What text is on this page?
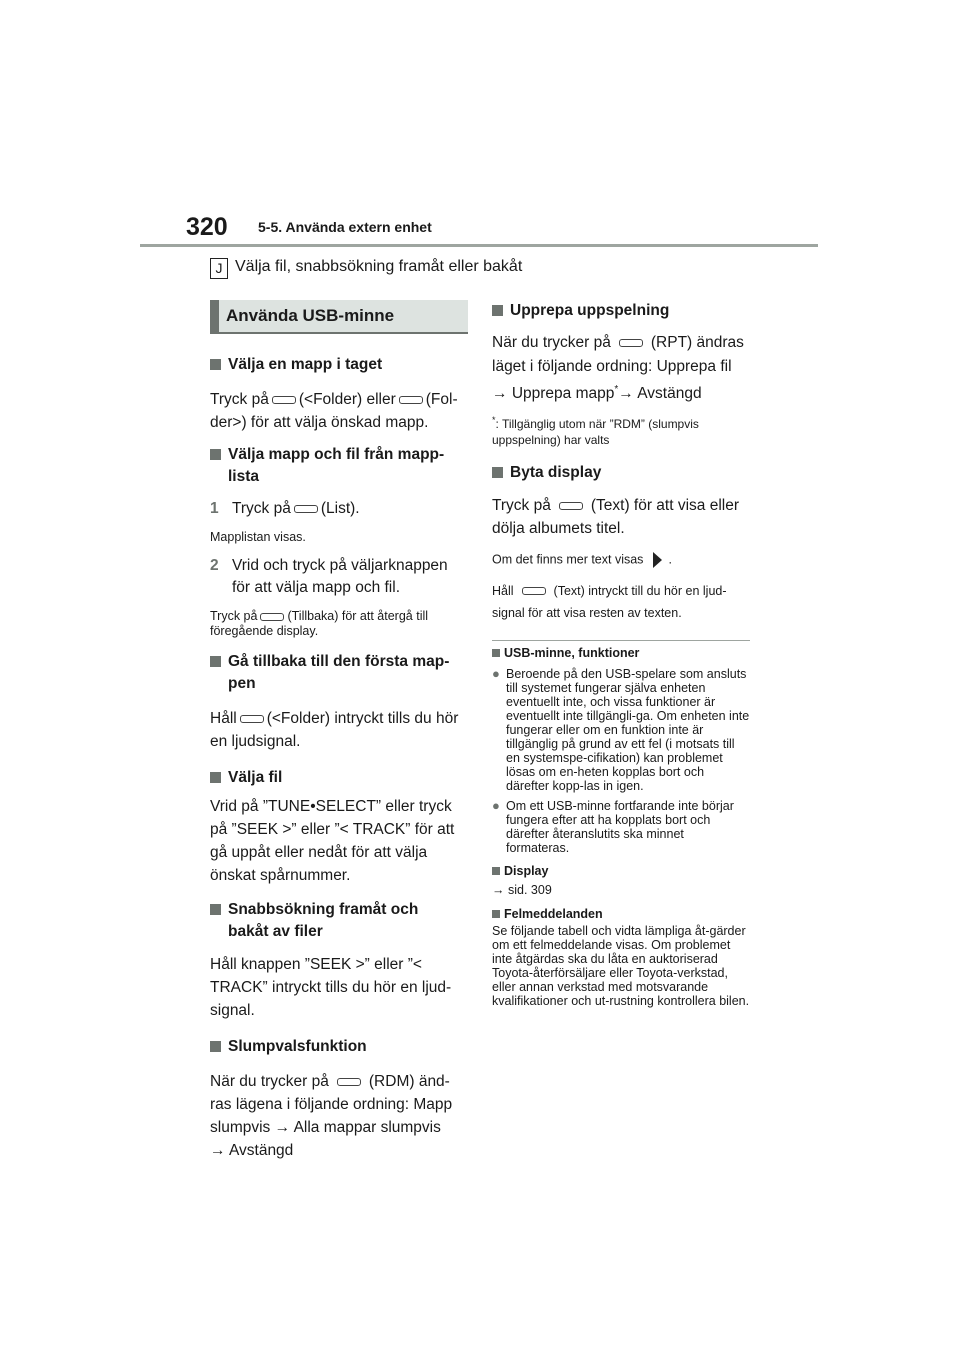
320 5-5. Använda extern enhet
J Välja fil, snabbsökning framåt eller bakåt
Använda USB-minne
Välja en mapp i taget

Tryck på (<Folder) eller (Fol-
der>) för att välja önskad mapp.

Välja mapp och fil från mapp-
lista
1 Tryck på (List).

Mapplistan visas.

2 Vrid och tryck på väljarknappen för att välja mapp och fil.

Tryck på (Tillbaka) för att återgå till föregående display.

Gå tillbaka till den första map-
pen

Håll (<Folder) intryckt tills du hör
en ljudsignal.

Välja fil

Vrid på ”TUNE•SELECT” eller tryck på ”SEEK >” eller ”< TRACK” för att gå uppåt eller nedåt för att välja önskat spårnummer.

Snabbsökning framåt och
bakåt av filer

Håll knappen ”SEEK >” eller ”< TRACK” intryckt tills du hör en ljud-signal.

Slumpvalsfunktion

När du trycker på	(RDM) änd-
ras lägena i följande ordning: Mapp slumpvis → Alla mappar slumpvis
→ Avstängd

Upprepa uppspelning

När du trycker på	(RPT) ändras
läget i följande ordning: Upprepa fil
→ Upprepa mapp*→ Avstängd

*: Tillgänglig utom när ”RDM” (slumpvis uppspelning) har valts

Byta display

Tryck på	(Text) för att visa eller
dölja albumets titel.

Om det finns mer text visas .

Håll	(Text) intryckt till du hör en ljud-signal för att visa resten av texten.

USB-minne, funktioner
● Beroende på den USB-spelare som ansluts till systemet fungerar själva enheten eventuellt inte, och vissa funktioner är eventuellt inte tillgängli-ga. Om enheten inte fungerar eller om en funktion inte är tillgänglig på grund av ett fel (i motsats till en systemspe-cifikation) kan problemet lösas om en-heten kopplas bort och därefter kopp-las in igen.
● Om ett USB-minne fortfarande inte börjar fungera efter att ha kopplats bort och därefter återanslutits ska minnet formateras.
Display

→ sid. 309

Felmeddelanden

Se följande tabell och vidta lämpliga åt-gärder om ett felmeddelande visas. Om problemet inte åtgärdas ska du låta en auktoriserad Toyota-återförsäljare eller Toyota-verkstad, eller annan verkstad med motsvarande kvalifikationer och ut-rustning kontrollera bilen.
